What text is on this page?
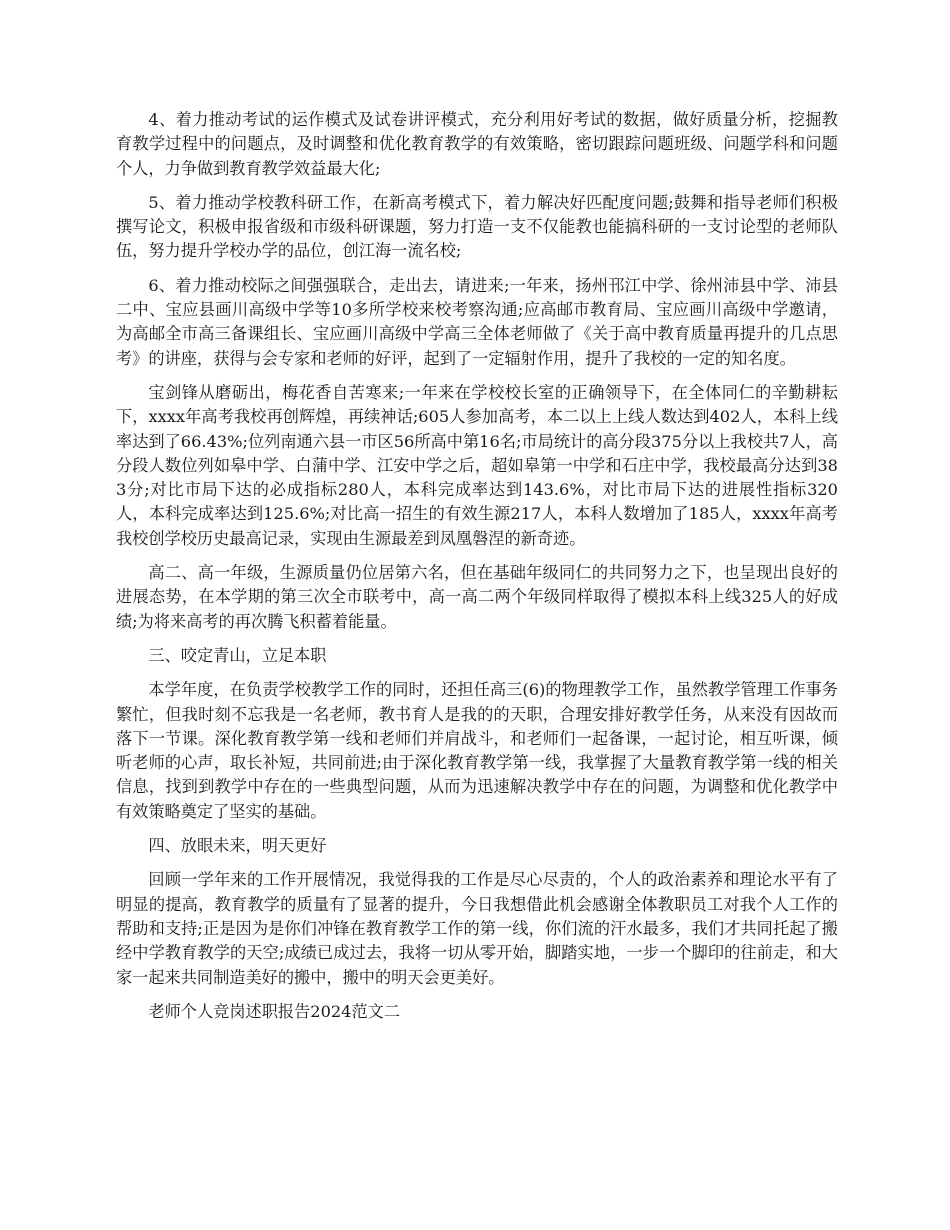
4、着力推动考试的运作模式及试卷讲评模式，充分利用好考试的数据，做好质量分析，挖掘教育教学过程中的问题点，及时调整和优化教育教学的有效策略，密切跟踪问题班级、问题学科和问题个人，力争做到教育教学效益最大化;

5、着力推动学校教科研工作，在新高考模式下，着力解决好匹配度问题;鼓舞和指导老师们积极撰写论文，积极申报省级和市级科研课题，努力打造一支不仅能教也能搞科研的一支讨论型的老师队伍，努力提升学校办学的品位，创江海一流名校;

6、着力推动校际之间强强联合，走出去，请进来;一年来，扬州邗江中学、徐州沛县中学、沛县二中、宝应县画川高级中学等10多所学校来校考察沟通;应高邮市教育局、宝应画川高级中学邀请，为高邮全市高三备课组长、宝应画川高级中学高三全体老师做了《关于高中教育质量再提升的几点思考》的讲座，获得与会专家和老师的好评，起到了一定辐射作用，提升了我校的一定的知名度。

宝剑锋从磨砺出，梅花香自苦寒来;一年来在学校校长室的正确领导下，在全体同仁的辛勤耕耘下，xxxx年高考我校再创辉煌，再续神话;605人参加高考，本二以上上线人数达到402人，本科上线率达到了66.43%;位列南通六县一市区56所高中第16名;市局统计的高分段375分以上我校共7人，高分段人数位列如皋中学、白蒲中学、江安中学之后，超如皋第一中学和石庄中学，我校最高分达到383分;对比市局下达的必成指标280人，本科完成率达到143.6%，对比市局下达的进展性指标320人，本科完成率达到125.6%;对比高一招生的有效生源217人，本科人数增加了185人，xxxx年高考我校创学校历史最高记录，实现由生源最差到凤凰磐涅的新奇迹。

高二、高一年级，生源质量仍位居第六名，但在基础年级同仁的共同努力之下，也呈现出良好的进展态势，在本学期的第三次全市联考中，高一高二两个年级同样取得了模拟本科上线325人的好成绩;为将来高考的再次腾飞积蓄着能量。

三、咬定青山，立足本职

本学年度，在负责学校教学工作的同时，还担任高三(6)的物理教学工作，虽然教学管理工作事务繁忙，但我时刻不忘我是一名老师，教书育人是我的的天职，合理安排好教学任务，从来没有因故而落下一节课。深化教育教学第一线和老师们并肩战斗，和老师们一起备课，一起讨论，相互听课，倾听老师的心声，取长补短，共同前进;由于深化教育教学第一线，我掌握了大量教育教学第一线的相关信息，找到到教学中存在的一些典型问题，从而为迅速解决教学中存在的问题，为调整和优化教学中有效策略奠定了坚实的基础。

四、放眼未来，明天更好

回顾一学年来的工作开展情况，我觉得我的工作是尽心尽责的，个人的政治素养和理论水平有了明显的提高，教育教学的质量有了显著的提升，今日我想借此机会感谢全体教职员工对我个人工作的帮助和支持;正是因为是你们冲锋在教育教学工作的第一线，你们流的汗水最多，我们才共同托起了搬经中学教育教学的天空;成绩已成过去，我将一切从零开始，脚踏实地，一步一个脚印的往前走，和大家一起来共同制造美好的搬中，搬中的明天会更美好。

老师个人竞岗述职报告2024范文二
